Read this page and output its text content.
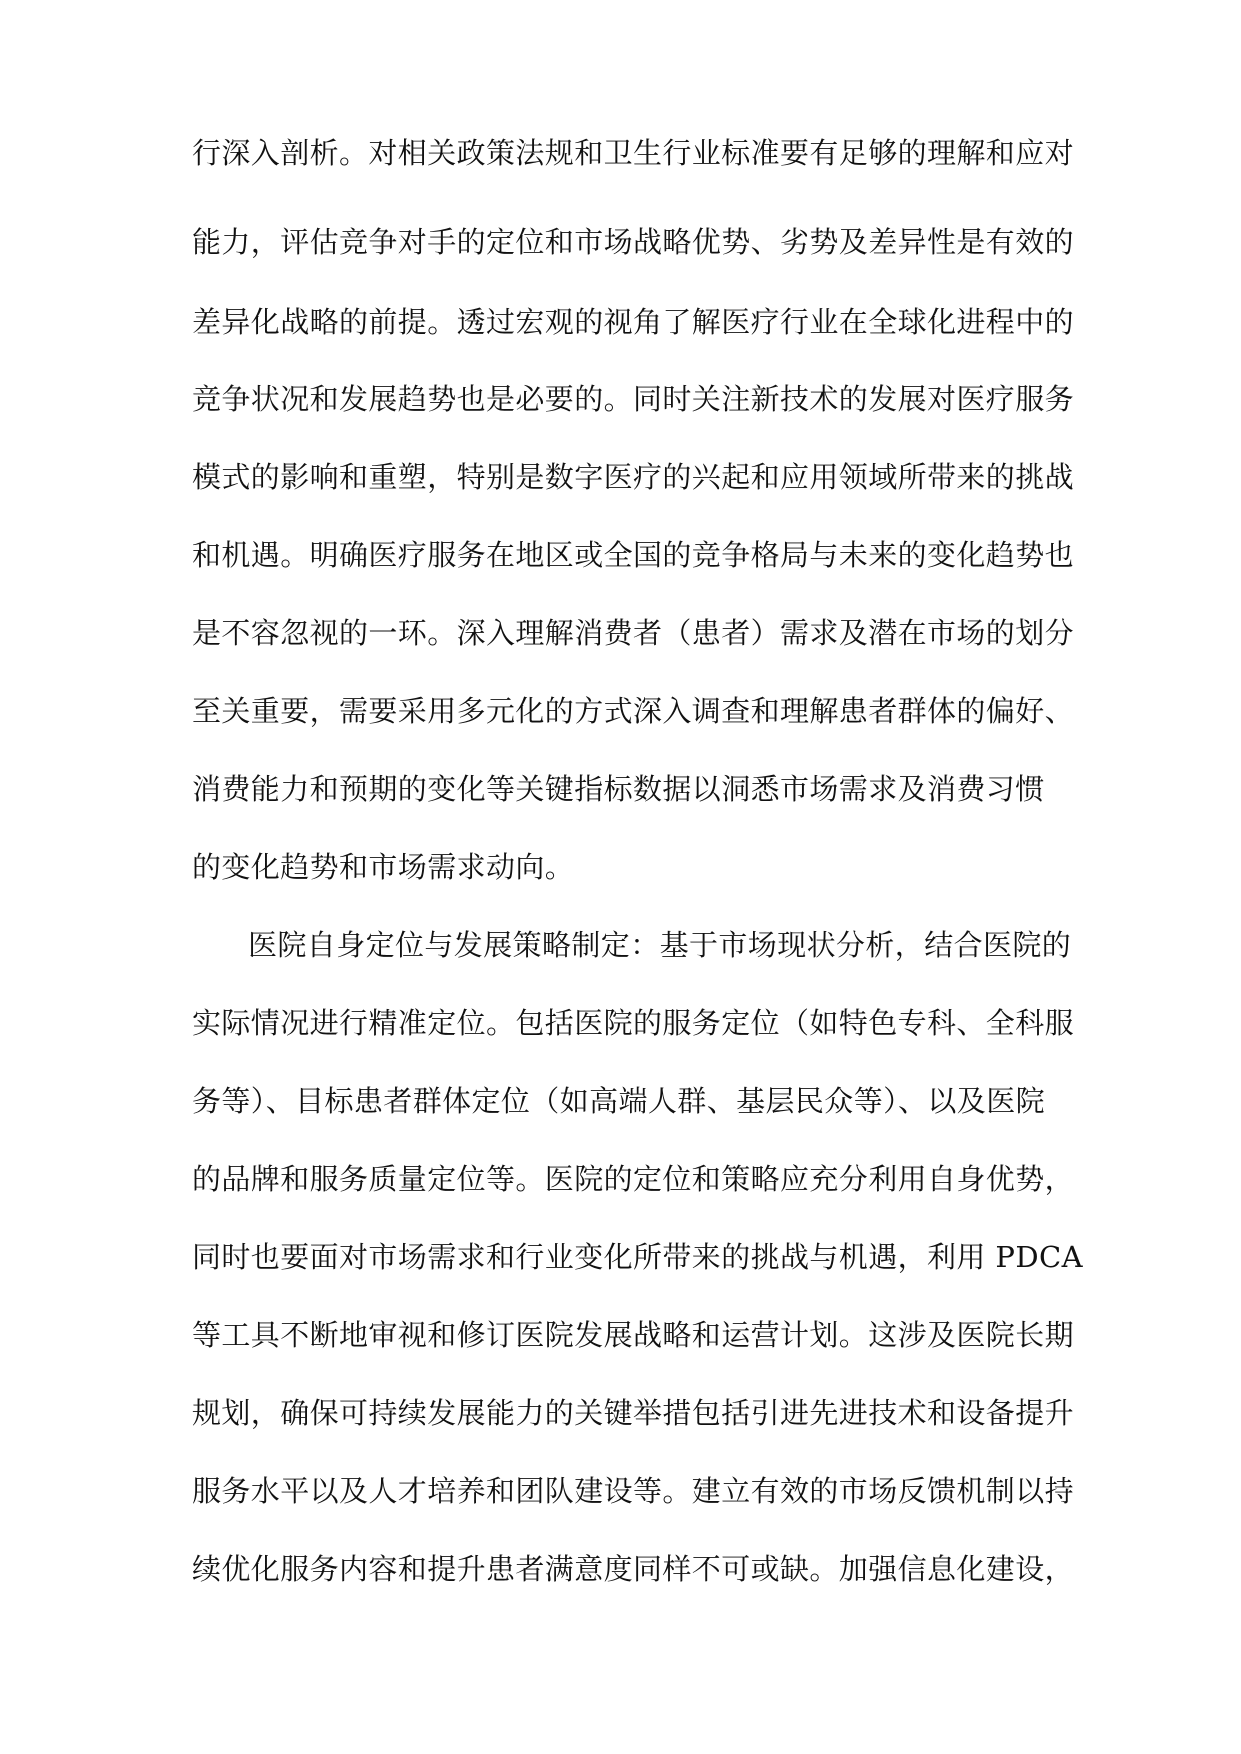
行深入剖析。对相关政策法规和卫生行业标准要有足够的理解和应对
能力，评估竞争对手的定位和市场战略优势、劣势及差异性是有效的
差异化战略的前提。透过宏观的视角了解医疗行业在全球化进程中的
竞争状况和发展趋势也是必要的。同时关注新技术的发展对医疗服务
模式的影响和重塑，特别是数字医疗的兴起和应用领域所带来的挑战
和机遇。明确医疗服务在地区或全国的竞争格局与未来的变化趋势也
是不容忽视的一环。深入理解消费者（患者）需求及潜在市场的划分
至关重要，需要采用多元化的方式深入调查和理解患者群体的偏好、
消费能力和预期的变化等关键指标数据以洞悉市场需求及消费习惯
的变化趋势和市场需求动向。
医院自身定位与发展策略制定：基于市场现状分析，结合医院的
实际情况进行精准定位。包括医院的服务定位（如特色专科、全科服
务等）、目标患者群体定位（如高端人群、基层民众等）、以及医院
的品牌和服务质量定位等。医院的定位和策略应充分利用自身优势，
同时也要面对市场需求和行业变化所带来的挑战与机遇，利用 PDCA
等工具不断地审视和修订医院发展战略和运营计划。这涉及医院长期
规划，确保可持续发展能力的关键举措包括引进先进技术和设备提升
服务水平以及人才培养和团队建设等。建立有效的市场反馈机制以持
续优化服务内容和提升患者满意度同样不可或缺。加强信息化建设，
